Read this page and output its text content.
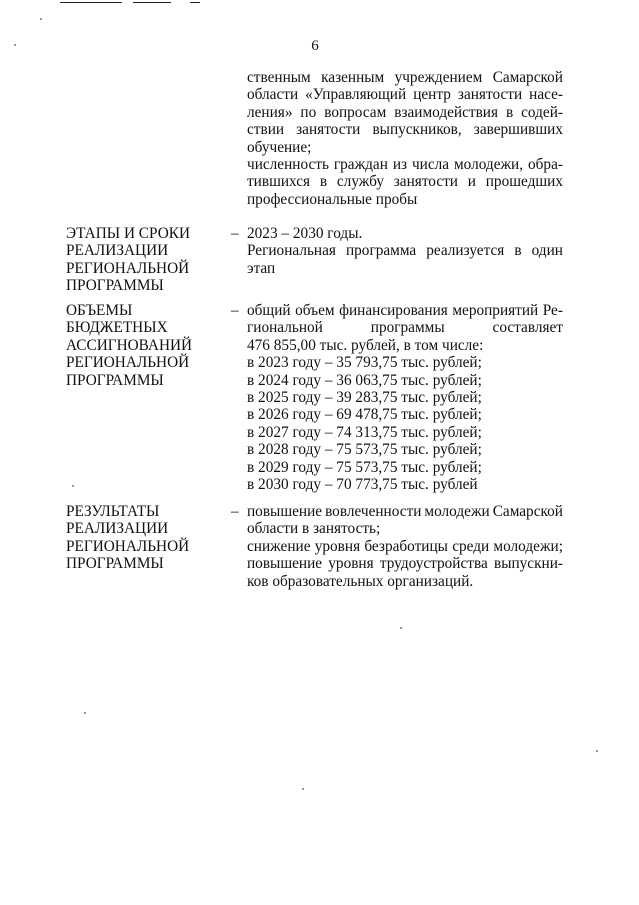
6
ственным казенным учреждением Самарской
области «Управляющий центр занятости насе-
ления» по вопросам взаимодействия в содей-
ствии занятости выпускников, завершивших
обучение;
численность граждан из числа молодежи, обра-
тившихся в службу занятости и прошедших
профессиональные пробы
ЭТАПЫ И СРОКИ
РЕАЛИЗАЦИИ
РЕГИОНАЛЬНОЙ
ПРОГРАММЫ
– 2023 – 2030 годы.
Региональная программа реализуется в один
этап
ОБЪЕМЫ
БЮДЖЕТНЫХ
АССИГНОВАНИЙ
РЕГИОНАЛЬНОЙ
ПРОГРАММЫ
– общий объем финансирования мероприятий Ре-
гиональной	программы	составляет
476 855,00 тыс. рублей, в том числе:
в 2023 году – 35 793,75 тыс. рублей;
в 2024 году – 36 063,75 тыс. рублей;
в 2025 году – 39 283,75 тыс. рублей;
в 2026 году – 69 478,75 тыс. рублей;
в 2027 году – 74 313,75 тыс. рублей;
в 2028 году – 75 573,75 тыс. рублей;
в 2029 году – 75 573,75 тыс. рублей;
в 2030 году – 70 773,75 тыс. рублей
РЕЗУЛЬТАТЫ
РЕАЛИЗАЦИИ
РЕГИОНАЛЬНОЙ
ПРОГРАММЫ
– повышение вовлеченности молодежи Самарской
области в занятость;
снижение уровня безработицы среди молодежи;
повышение уровня трудоустройства выпускни-
ков образовательных организаций.
